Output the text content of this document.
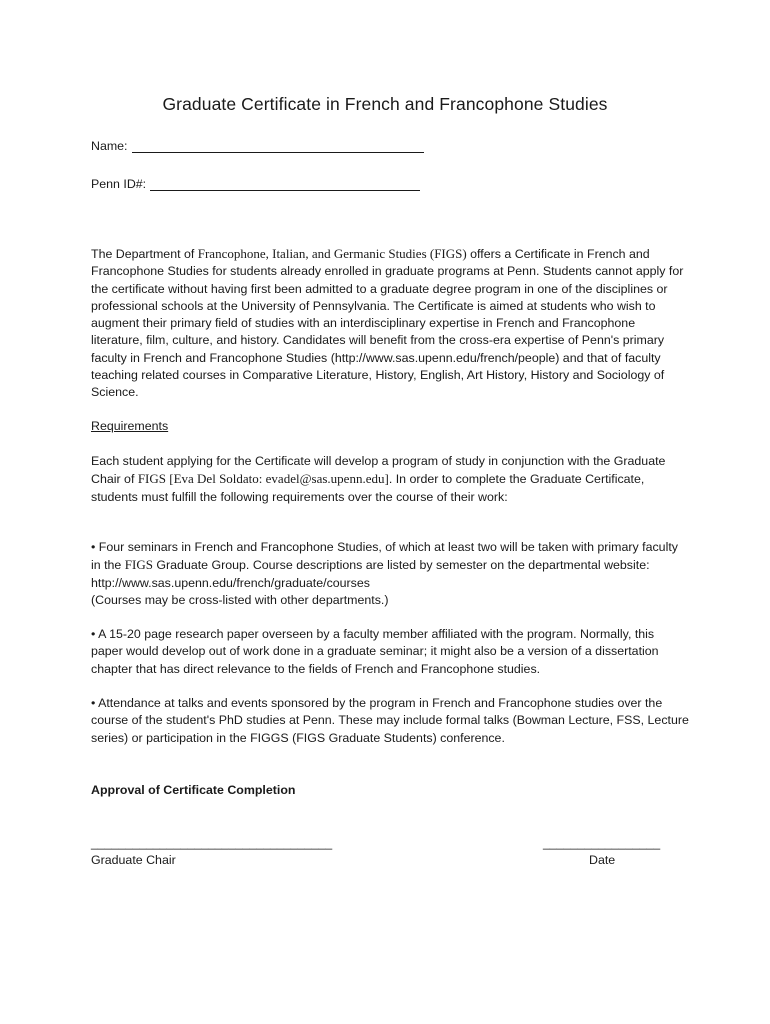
Graduate Certificate in French and Francophone Studies
Name:
Penn ID#:
The Department of Francophone, Italian, and Germanic Studies (FIGS) offers a Certificate in French and Francophone Studies for students already enrolled in graduate programs at Penn. Students cannot apply for the certificate without having first been admitted to a graduate degree program in one of the disciplines or professional schools at the University of Pennsylvania. The Certificate is aimed at students who wish to augment their primary field of studies with an interdisciplinary expertise in French and Francophone literature, film, culture, and history. Candidates will benefit from the cross-era expertise of Penn's primary faculty in French and Francophone Studies (http://www.sas.upenn.edu/french/people) and that of faculty teaching related courses in Comparative Literature, History, English, Art History, History and Sociology of Science.
Requirements
Each student applying for the Certificate will develop a program of study in conjunction with the Graduate Chair of FIGS [Eva Del Soldato: evadel@sas.upenn.edu]. In order to complete the Graduate Certificate, students must fulfill the following requirements over the course of their work:
• Four seminars in French and Francophone Studies, of which at least two will be taken with primary faculty in the FIGS Graduate Group. Course descriptions are listed by semester on the departmental website: http://www.sas.upenn.edu/french/graduate/courses
(Courses may be cross-listed with other departments.)
• A 15-20 page research paper overseen by a faculty member affiliated with the program. Normally, this paper would develop out of work done in a graduate seminar; it might also be a version of a dissertation chapter that has direct relevance to the fields of French and Francophone studies.
• Attendance at talks and events sponsored by the program in French and Francophone studies over the course of the student's PhD studies at Penn. These may include formal talks (Bowman Lecture, FSS, Lecture series) or participation in the FIGGS (FIGS Graduate Students) conference.
Approval of Certificate Completion
___________________________________	_________________
Graduate Chair	Date
